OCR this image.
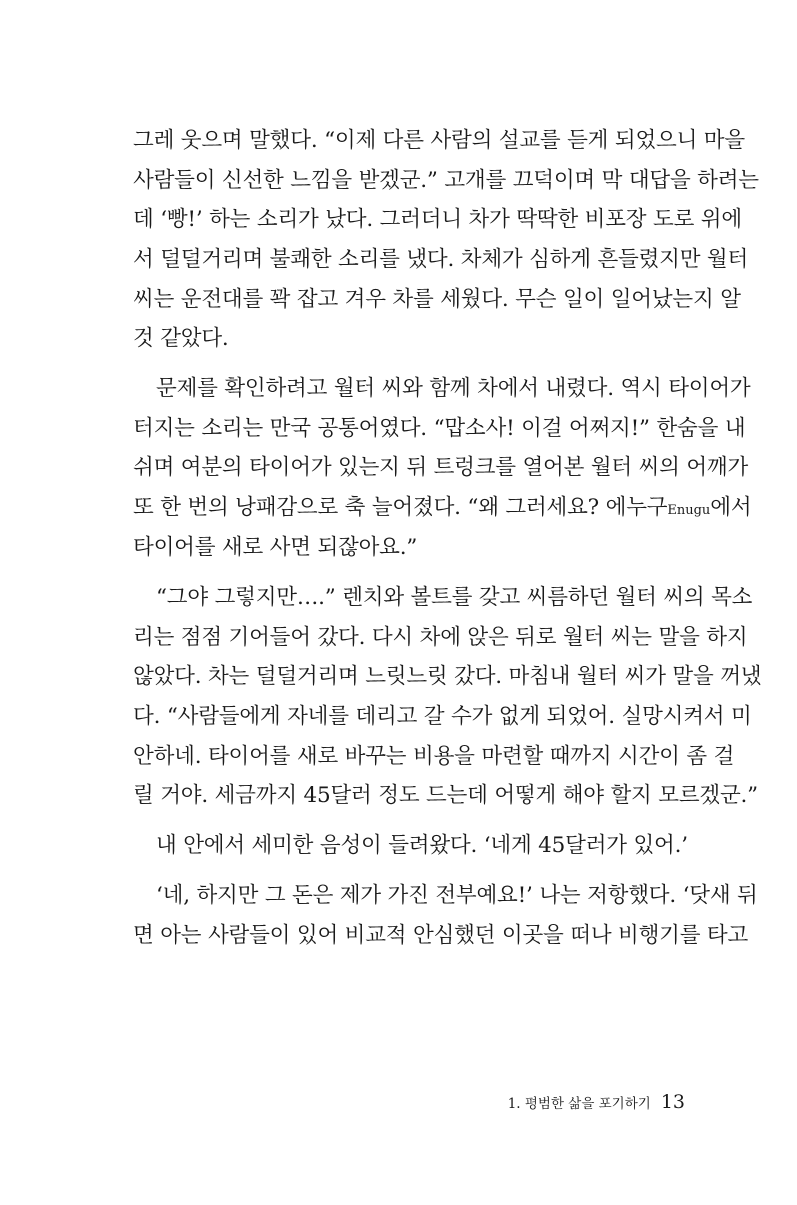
그레 웃으며 말했다. “이제 다른 사람의 설교를 듣게 되었으니 마을
사람들이 신선한 느낌을 받겠군.” 고개를 끄덕이며 막 대답을 하려는
데 ‘빵!’ 하는 소리가 났다. 그러더니 차가 딱딱한 비포장 도로 위에
서 덜덜거리며 불쾌한 소리를 냈다. 차체가 심하게 흔들렸지만 월터
씨는 운전대를 꽉 잡고 겨우 차를 세웠다. 무슨 일이 일어났는지 알
것 같았다.
문제를 확인하려고 월터 씨와 함께 차에서 내렸다. 역시 타이어가
터지는 소리는 만국 공통어였다. “맙소사! 이걸 어쩌지!” 한숨을 내
쉬며 여분의 타이어가 있는지 뒤 트렁크를 열어본 월터 씨의 어깨가
또 한 번의 낭패감으로 축 늘어졌다. “왜 그러세요? 에누구Enugu에서
타이어를 새로 사면 되잖아요.”
“그야 그렇지만….” 렌치와 볼트를 갖고 씨름하던 월터 씨의 목소
리는 점점 기어들어 갔다. 다시 차에 앉은 뒤로 월터 씨는 말을 하지
않았다. 차는 덜덜거리며 느릿느릿 갔다. 마침내 월터 씨가 말을 꺼냈
다. “사람들에게 자네를 데리고 갈 수가 없게 되었어. 실망시켜서 미
안하네. 타이어를 새로 바꾸는 비용을 마련할 때까지 시간이 좀 걸
릴 거야. 세금까지 45달러 정도 드는데 어떻게 해야 할지 모르겠군.”
내 안에서 세미한 음성이 들려왔다. ‘네게 45달러가 있어.’
‘네, 하지만 그 돈은 제가 가진 전부예요!’ 나는 저항했다. ‘닷새 뒤
면 아는 사람들이 있어 비교적 안심했던 이곳을 떠나 비행기를 타고
1. 평범한 삶을 포기하기 13
